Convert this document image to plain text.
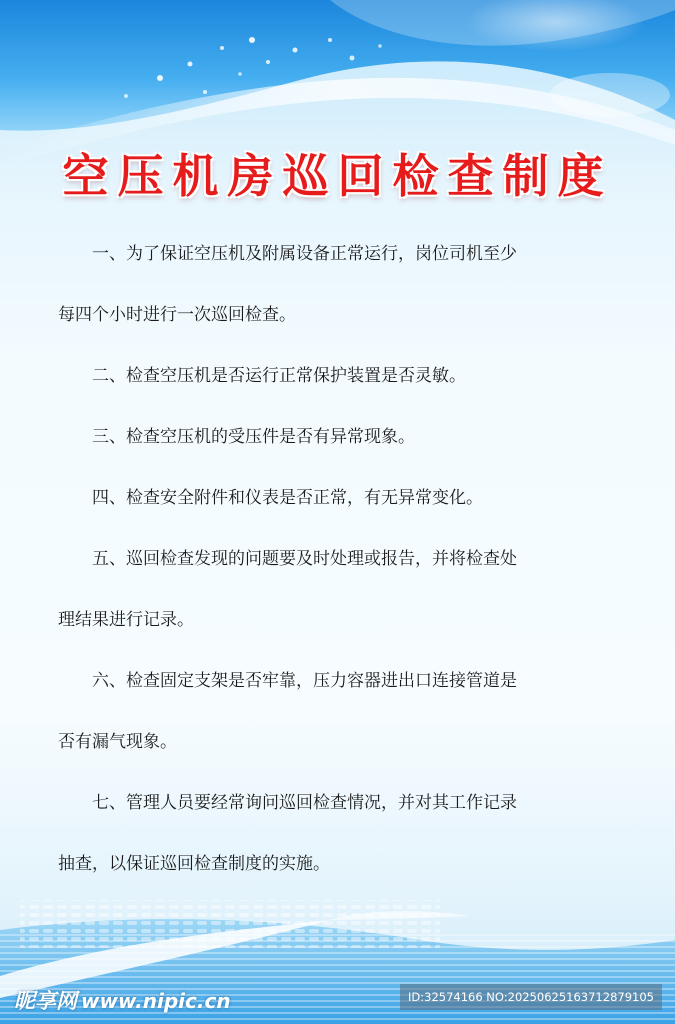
空压机房巡回检查制度

一、为了保证空压机及附属设备正常运行，岗位司机至少
每四个小时进行一次巡回检查。

二、检查空压机是否运行正常保护装置是否灵敏。

三、检查空压机的受压件是否有异常现象。

四、检查安全附件和仪表是否正常，有无异常变化。

五、巡回检查发现的问题要及时处理或报告，并将检查处
理结果进行记录。

六、检查固定支架是否牢靠，压力容器进出口连接管道是
否有漏气现象。

七、管理人员要经常询问巡回检查情况，并对其工作记录
抽查，以保证巡回检查制度的实施。

昵享网 www.nipic.cn	ID:32574166 NO:20250625163712879105
